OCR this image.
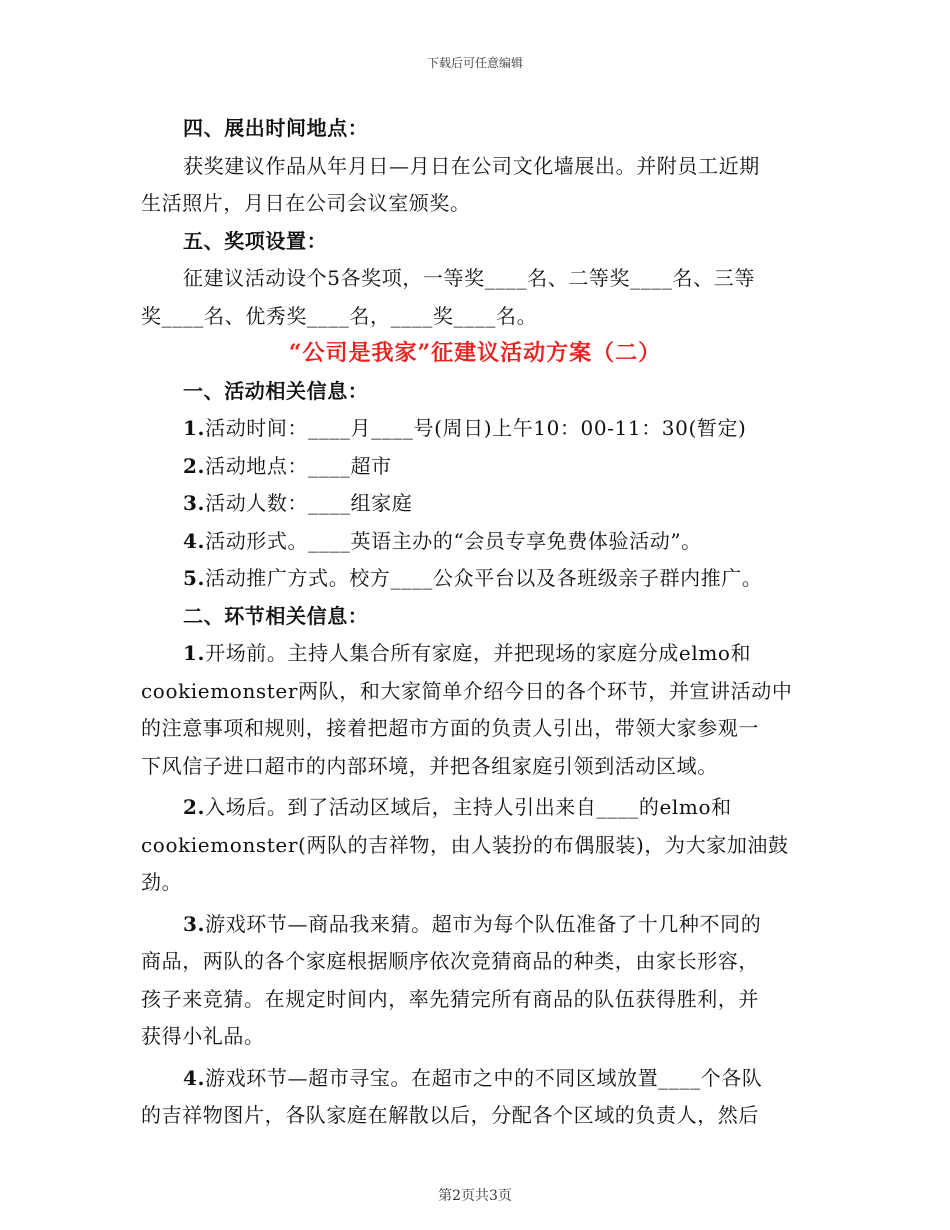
下载后可任意编辑
四、展出时间地点：
获奖建议作品从年月日—月日在公司文化墙展出。并附员工近期
生活照片，月日在公司会议室颁奖。
五、奖项设置：
征建议活动设个5各奖项，一等奖____名、二等奖____名、三等
奖____名、优秀奖____名，____奖____名。
“公司是我家”征建议活动方案（二）
一、活动相关信息：
1.活动时间：____月____号(周日)上午10：00-11：30(暂定)
2.活动地点：____超市
3.活动人数：____组家庭
4.活动形式。____英语主办的“会员专享免费体验活动”。
5.活动推广方式。校方____公众平台以及各班级亲子群内推广。
二、环节相关信息：
1.开场前。主持人集合所有家庭，并把现场的家庭分成elmo和
cookiemonster两队，和大家简单介绍今日的各个环节，并宣讲活动中
的注意事项和规则，接着把超市方面的负责人引出，带领大家参观一
下风信子进口超市的内部环境，并把各组家庭引领到活动区域。
2.入场后。到了活动区域后，主持人引出来自____的elmo和
cookiemonster(两队的吉祥物，由人装扮的布偶服装)，为大家加油鼓
劲。
3.游戏环节—商品我来猜。超市为每个队伍准备了十几种不同的
商品，两队的各个家庭根据顺序依次竞猜商品的种类，由家长形容，
孩子来竞猜。在规定时间内，率先猜完所有商品的队伍获得胜利，并
获得小礼品。
4.游戏环节—超市寻宝。在超市之中的不同区域放置____个各队
的吉祥物图片，各队家庭在解散以后，分配各个区域的负责人，然后
第2页共3页
